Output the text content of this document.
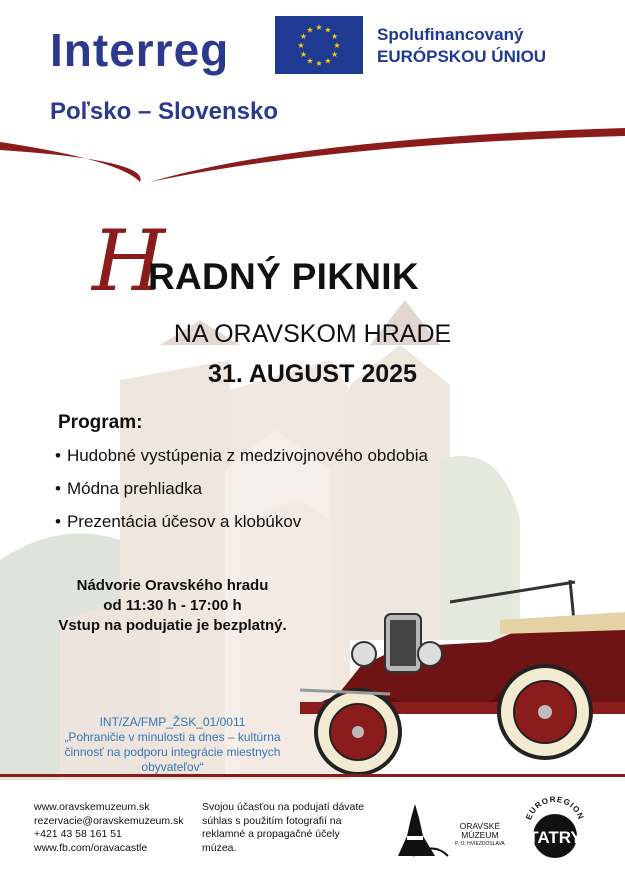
Interreg	★
★
★
★
★
★
★
★
★ ★ ★
★ Spolufinancovaný
EURÓPSKOU ÚNIOU
Poľsko – Slovensko
H
RADNÝ PIKNIK
NA ORAVSKOM HRADE
31. AUGUST 2025
Program:
• Hudobné vystúpenia z medzivojnového obdobia
• Módna prehliadka
• Prezentácia účesov a klobúkov
Nádvorie Oravského hradu
od 11:30 h - 17:00 h
Vstup na podujatie je bezplatný.
INT/ZA/FMP_ŽSK_01/0011
„Pohraničie v minulosti a dnes – kultúrna
činnosť na podporu integrácie miestnych
obyvateľov“
www.oravskemuzeum.sk
rezervacie@oravskemuzeum.sk
+421 43 58 161 51
www.fb.com/oravacastle
Svojou účasťou na podujatí dávate
súhlas s použitím fotografií na
reklamné a propagačné účely
múzea.
ORAVSKÉ
MÚZEUM
P. O. HVIEZDOSLAVA
EUROREGION
TATRY
